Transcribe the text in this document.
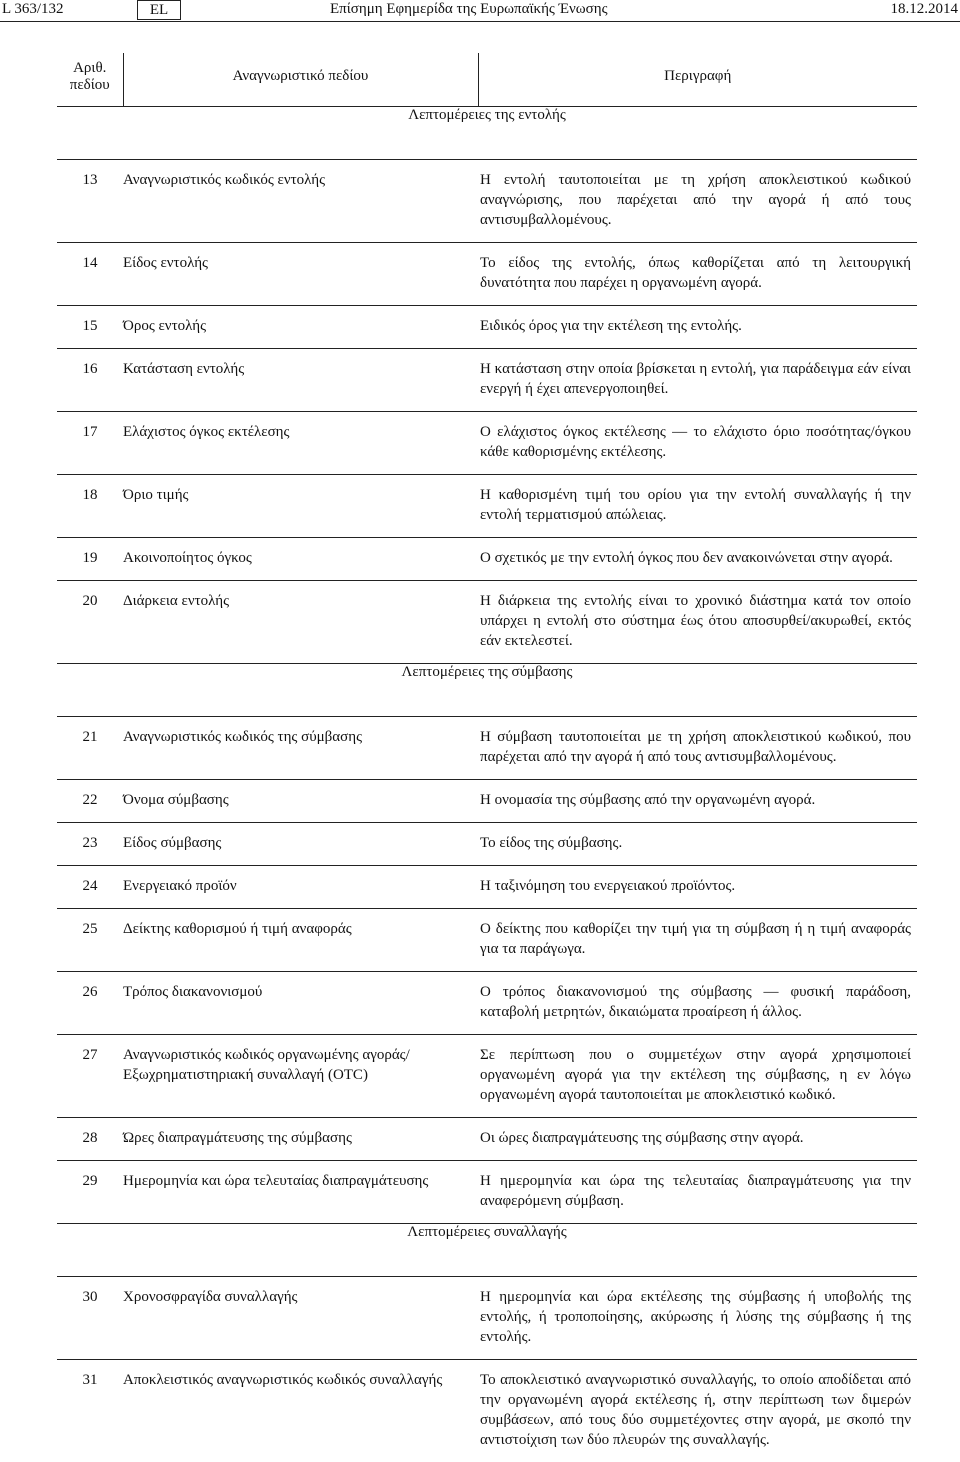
L 363/132	EL	Επίσημη Εφημερίδα της Ευρωπαϊκής Ένωσης	18.12.2014
Αριθ. πεδίου	Αναγνωριστικό πεδίου	Περιγραφή
Λεπτομέρειες της εντολής		
13	Αναγνωριστικός κωδικός εντολής	Η εντολή ταυτοποιείται με τη χρήση αποκλειστικού κωδικού αναγνώρισης, που παρέχεται από την αγορά ή από τους αντισυμβαλλομένους.
14	Είδος εντολής	Το είδος της εντολής, όπως καθορίζεται από τη λειτουργική δυνατότητα που παρέχει η οργανωμένη αγορά.
15	Όρος εντολής	Ειδικός όρος για την εκτέλεση της εντολής.
16	Κατάσταση εντολής	Η κατάσταση στην οποία βρίσκεται η εντολή, για παράδειγμα εάν είναι ενεργή ή έχει απενεργοποιηθεί.
17	Ελάχιστος όγκος εκτέλεσης	Ο ελάχιστος όγκος εκτέλεσης — το ελάχιστο όριο ποσότητας/όγκου κάθε καθορισμένης εκτέλεσης.
18	Όριο τιμής	Η καθορισμένη τιμή του ορίου για την εντολή συναλλαγής ή την εντολή τερματισμού απώλειας.
19	Ακοινοποίητος όγκος	Ο σχετικός με την εντολή όγκος που δεν ανακοινώνεται στην αγορά.
20	Διάρκεια εντολής	Η διάρκεια της εντολής είναι το χρονικό διάστημα κατά τον οποίο υπάρχει η εντολή στο σύστημα έως ότου αποσυρθεί/ακυρωθεί, εκτός εάν εκτελεστεί.
Λεπτομέρειες της σύμβασης		
21	Αναγνωριστικός κωδικός της σύμβασης	Η σύμβαση ταυτοποιείται με τη χρήση αποκλειστικού κωδικού, που παρέχεται από την αγορά ή από τους αντισυμβαλλομένους.
22	Όνομα σύμβασης	Η ονομασία της σύμβασης από την οργανωμένη αγορά.
23	Είδος σύμβασης	Το είδος της σύμβασης.
24	Ενεργειακό προϊόν	Η ταξινόμηση του ενεργειακού προϊόντος.
25	Δείκτης καθορισμού ή τιμή αναφοράς	Ο δείκτης που καθορίζει την τιμή για τη σύμβαση ή η τιμή αναφοράς για τα παράγωγα.
26	Τρόπος διακανονισμού	Ο τρόπος διακανονισμού της σύμβασης — φυσική παράδοση, καταβολή μετρητών, δικαιώματα προαίρεση ή άλλος.
27	Αναγνωριστικός κωδικός οργανωμένης αγοράς/Εξωχρηματιστηριακή συναλλαγή (OTC)	Σε περίπτωση που ο συμμετέχων στην αγορά χρησιμοποιεί οργανωμένη αγορά για την εκτέλεση της σύμβασης, η εν λόγω οργανωμένη αγορά ταυτοποιείται με αποκλειστικό κωδικό.
28	Ώρες διαπραγμάτευσης της σύμβασης	Οι ώρες διαπραγμάτευσης της σύμβασης στην αγορά.
29	Ημερομηνία και ώρα τελευταίας διαπραγμάτευσης	Η ημερομηνία και ώρα της τελευταίας διαπραγμάτευσης για την αναφερόμενη σύμβαση.
Λεπτομέρειες συναλλαγής		
30	Χρονοσφραγίδα συναλλαγής	Η ημερομηνία και ώρα εκτέλεσης της σύμβασης ή υποβολής της εντολής, ή τροποποίησης, ακύρωσης ή λύσης της σύμβασης ή της εντολής.
31	Αποκλειστικός αναγνωριστικός κωδικός συναλλαγής	Το αποκλειστικό αναγνωριστικό συναλλαγής, το οποίο αποδίδεται από την οργανωμένη αγορά εκτέλεσης ή, στην περίπτωση των διμερών συμβάσεων, από τους δύο συμμετέχοντες στην αγορά, με σκοπό την αντιστοίχιση των δύο πλευρών της συναλλαγής.
